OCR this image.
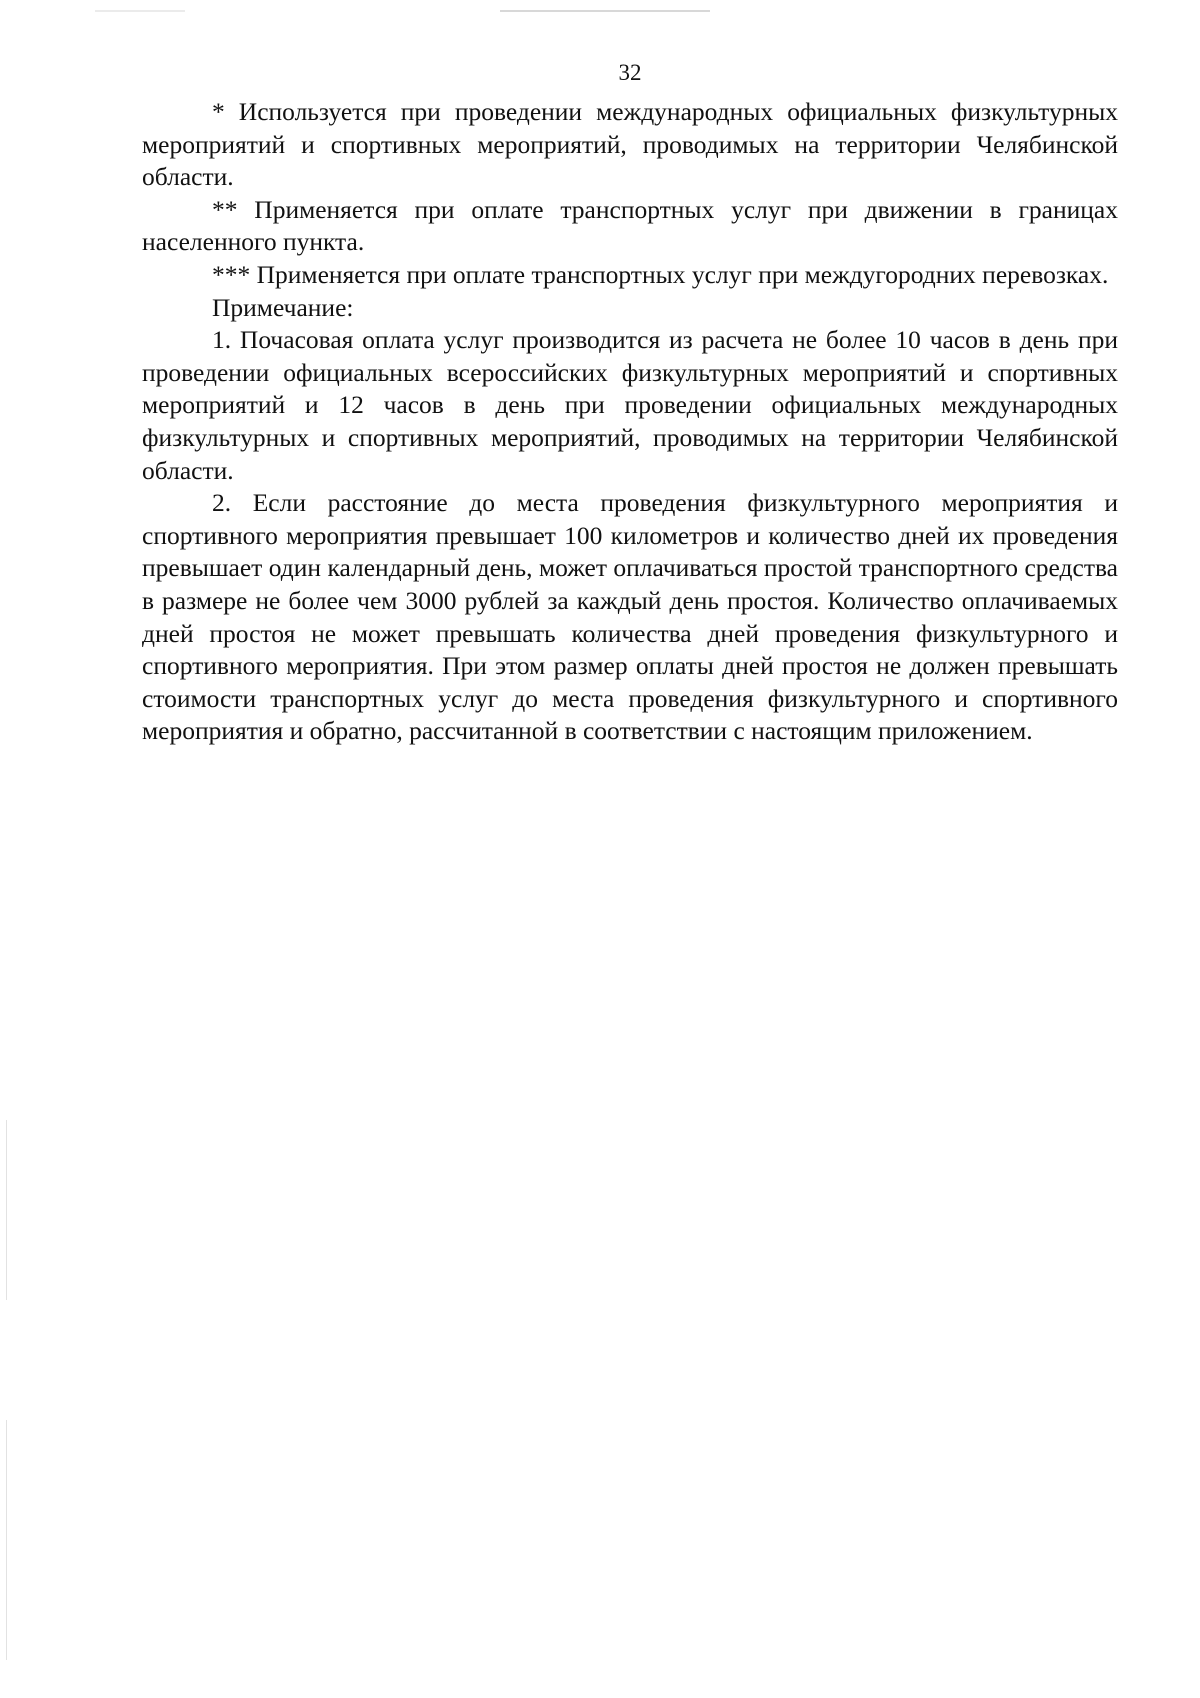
32

* Используется при проведении международных официальных физкультурных мероприятий и спортивных мероприятий, проводимых на территории Челябинской области.

** Применяется при оплате транспортных услуг при движении в границах населенного пункта.

*** Применяется при оплате транспортных услуг при междугородних перевозках.

Примечание:

1. Почасовая оплата услуг производится из расчета не более 10 часов в день при проведении официальных всероссийских физкультурных мероприятий и спортивных мероприятий и 12 часов в день при проведении официальных международных физкультурных и спортивных мероприятий, проводимых на территории Челябинской области.

2. Если расстояние до места проведения физкультурного мероприятия и спортивного мероприятия превышает 100 километров и количество дней их проведения превышает один календарный день, может оплачиваться простой транспортного средства в размере не более чем 3000 рублей за каждый день простоя. Количество оплачиваемых дней простоя не может превышать количества дней проведения физкультурного и спортивного мероприятия. При этом размер оплаты дней простоя не должен превышать стоимости транспортных услуг до места проведения физкультурного и спортивного мероприятия и обратно, рассчитанной в соответствии с настоящим приложением.
